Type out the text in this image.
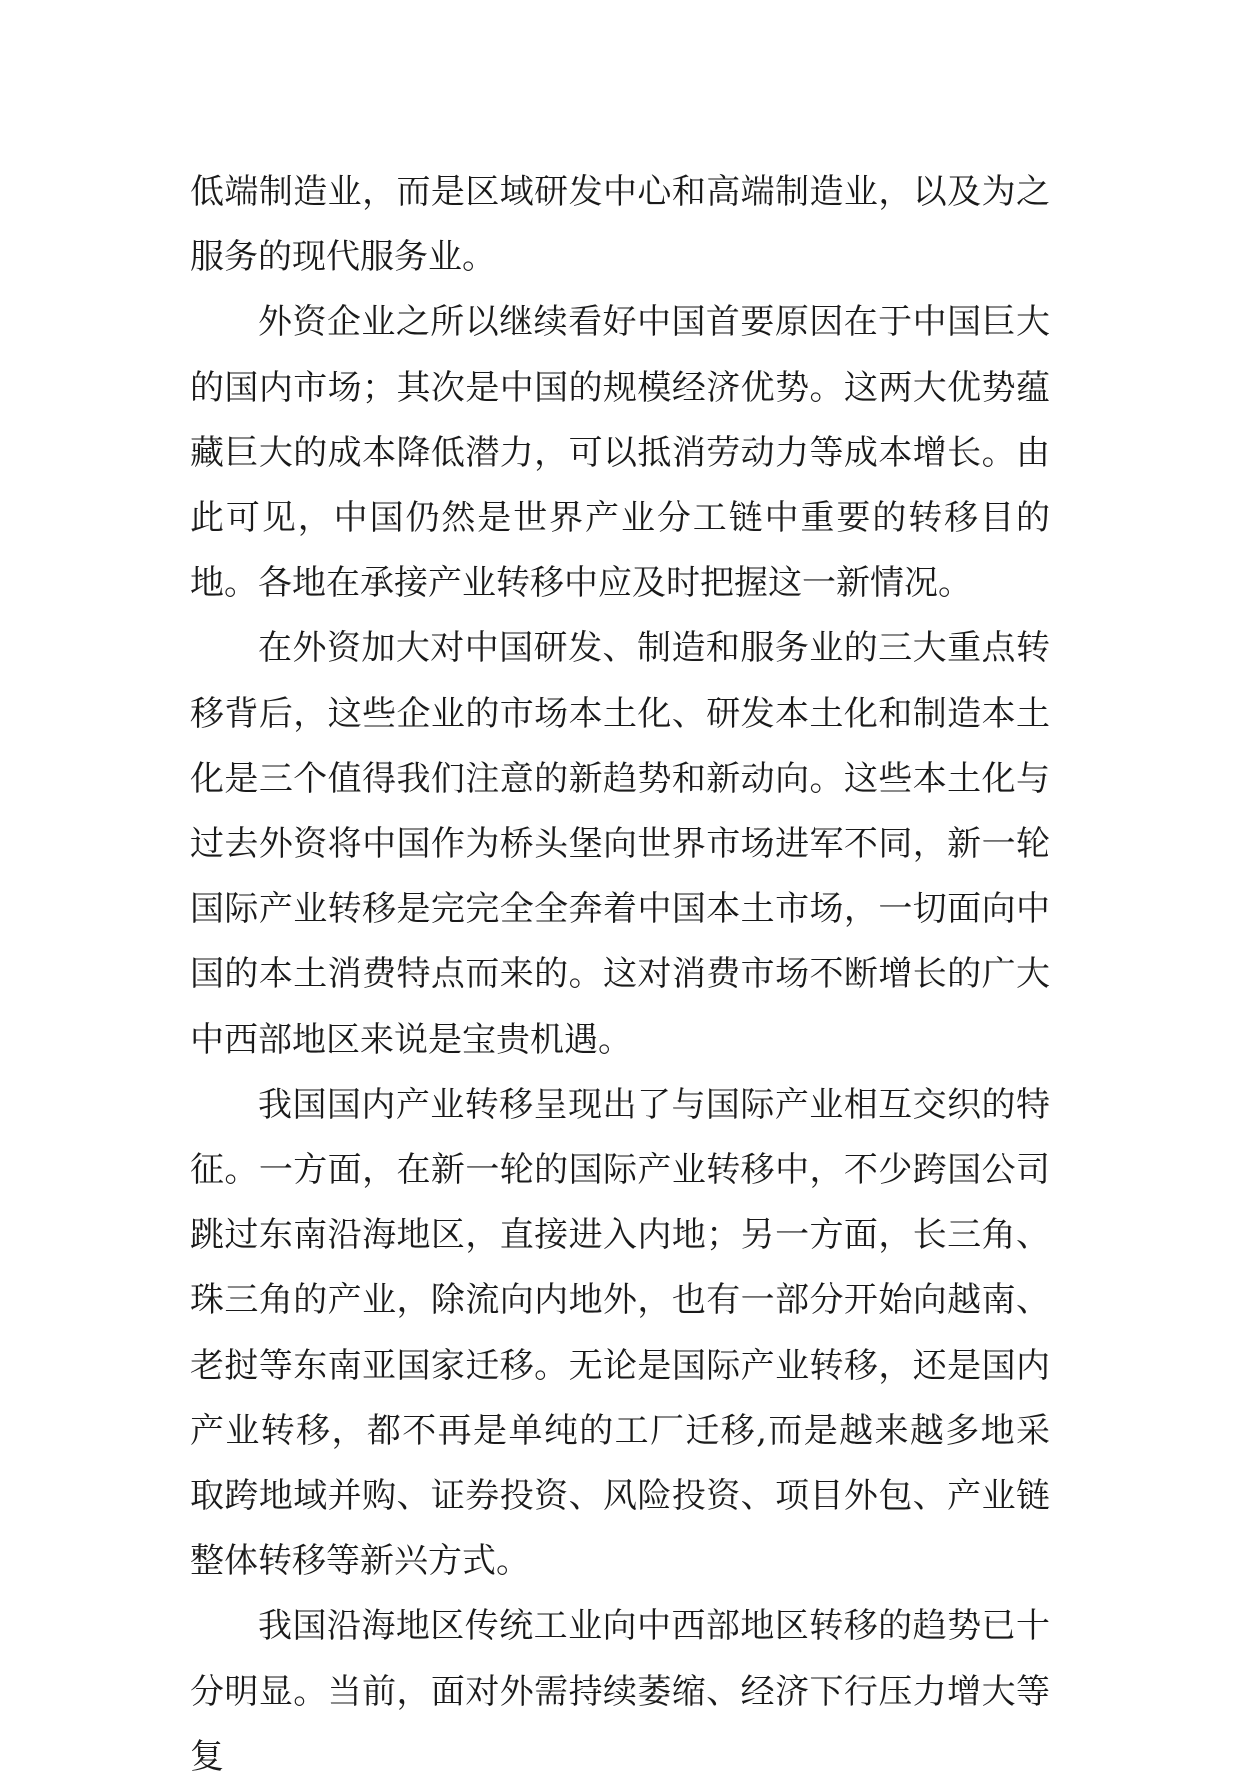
低端制造业，而是区域研发中心和高端制造业，以及为之服务的现代服务业。

外资企业之所以继续看好中国首要原因在于中国巨大的国内市场；其次是中国的规模经济优势。这两大优势蕴藏巨大的成本降低潜力，可以抵消劳动力等成本增长。由此可见，中国仍然是世界产业分工链中重要的转移目的地。各地在承接产业转移中应及时把握这一新情况。

在外资加大对中国研发、制造和服务业的三大重点转移背后，这些企业的市场本土化、研发本土化和制造本土化是三个值得我们注意的新趋势和新动向。这些本土化与过去外资将中国作为桥头堡向世界市场进军不同，新一轮国际产业转移是完完全全奔着中国本土市场，一切面向中国的本土消费特点而来的。这对消费市场不断增长的广大中西部地区来说是宝贵机遇。

我国国内产业转移呈现出了与国际产业相互交织的特征。一方面，在新一轮的国际产业转移中，不少跨国公司跳过东南沿海地区，直接进入内地；另一方面，长三角、珠三角的产业，除流向内地外，也有一部分开始向越南、老挝等东南亚国家迁移。无论是国际产业转移，还是国内产业转移，都不再是单纯的工厂迁移,而是越来越多地采取跨地域并购、证券投资、风险投资、项目外包、产业链整体转移等新兴方式。

我国沿海地区传统工业向中西部地区转移的趋势已十分明显。当前，面对外需持续萎缩、经济下行压力增大等复
